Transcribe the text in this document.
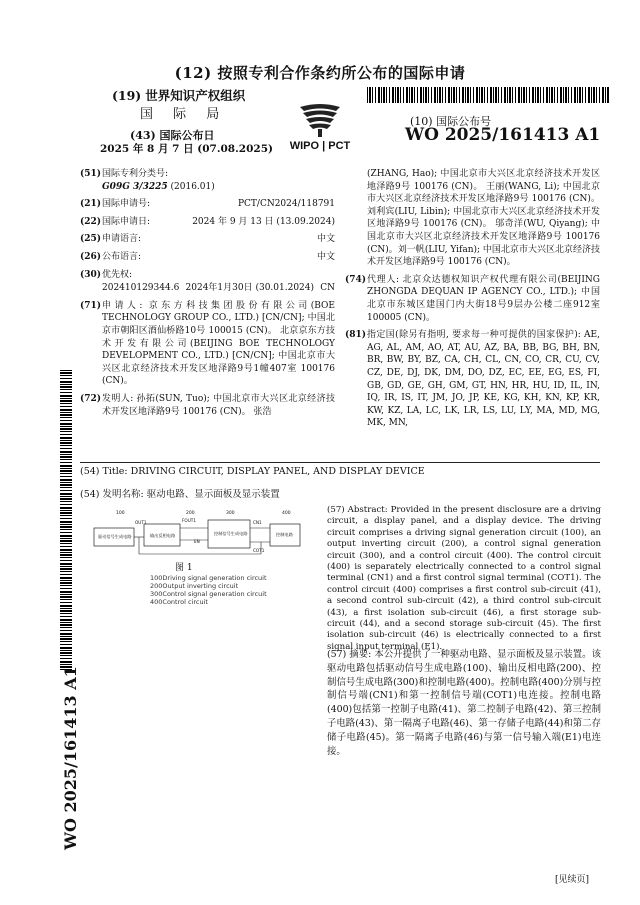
(12) 按照专利合作条约所公布的国际申请
(19) 世界知识产权组织
国 际 局	(10) 国际公布号
WO 2025/161413 A1
(43) 国际公布日
2025 年 8 月 7 日 (07.08.2025) WIPO | PCT
(51) 国际专利分类号:
G09G 3/3225 (2016.01)
(21) 国际申请号:	PCT/CN2024/118791
(22) 国际申请日:	2024 年 9 月 13 日 (13.09.2024)
(25) 申请语言:	中文
(26) 公布语言:	中文
(30) 优先权:
202410129344.6 2024年1月30日 (30.01.2024) CN
(71) 申请人: 京东方科技集团股份有限公司(BOE TECHNOLOGY GROUP CO., LTD.) [CN/CN]; 中国北京市朝阳区酒仙桥路10号 100015 (CN)。 北京京东方技术开发有限公司(BEIJING BOE TECHNOLOGY DEVELOPMENT CO., LTD.) [CN/CN]; 中国北京市大兴区北京经济技术开发区地泽路9号1幢407室 100176 (CN)。
(72) 发明人: 孙拓(SUN, Tuo); 中国北京市大兴区北京经济技术开发区地泽路9号 100176 (CN)。 张浩
(ZHANG, Hao); 中国北京市大兴区北京经济技术开发区地泽路9号 100176 (CN)。 王丽(WANG, Li); 中国北京市大兴区北京经济技术开发区地泽路9号 100176 (CN)。 刘利宾(LIU, Libin); 中国北京市大兴区北京经济技术开发区地泽路9号 100176 (CN)。 邬奇洋(WU, Qiyang); 中国北京市大兴区北京经济技术开发区地泽路9号 100176 (CN)。刘一帆(LIU, Yifan); 中国北京市大兴区北京经济技术开发区地泽路9号 100176 (CN)。
(74) 代理人: 北京众达德权知识产权代理有限公司(BEIJING ZHONGDA DEQUAN IP AGENCY CO., LTD.); 中国北京市东城区建国门内大街18号9层办公楼二座912室 100005 (CN)。
(81) 指定国(除另有指明, 要求每一种可提供的国家保护): AE, AG, AL, AM, AO, AT, AU, AZ, BA, BB, BG, BH, BN, BR, BW, BY, BZ, CA, CH, CL, CN, CO, CR, CU, CV, CZ, DE, DJ, DK, DM, DO, DZ, EC, EE, EG, ES, FI, GB, GD, GE, GH, GM, GT, HN, HR, HU, ID, IL, IN, IQ, IR, IS, IT, JM, JO, JP, KE, KG, KH, KN, KP, KR, KW, KZ, LA, LC, LK, LR, LS, LU, LY, MA, MD, MG, MK, MN,
(54) Title: DRIVING CIRCUIT, DISPLAY PANEL, AND DISPLAY DEVICE
(54) 发明名称: 驱动电路、显示面板及显示装置
100	200	300	400
驱动信号生成电路	输出反相电路	控制信号生成电路	控制电路
OUT1	FOUT1
EN
CN1
COT1
图 1
100Driving signal generation circuit
200Output inverting circuit
300Control signal generation circuit
400Control circuit
(57) Abstract: Provided in the present disclosure are a driving circuit, a display panel, and a display device. The driving circuit comprises a driving signal generation circuit (100), an output inverting circuit (200), a control signal generation circuit (300), and a control circuit (400). The control circuit (400) is separately electrically connected to a control signal terminal (CN1) and a first control signal terminal (COT1). The control circuit (400) comprises a first control sub-circuit (41), a second control sub-circuit (42), a third control sub-circuit (43), a first isolation sub-circuit (46), a first storage sub-circuit (44), and a second storage sub-circuit (45). The first isolation sub-circuit (46) is electrically connected to a first signal input terminal (E1).
(57) 摘要: 本公开提供了一种驱动电路、显示面板及显示装置。该驱动电路包括驱动信号生成电路(100)、输出反相电路(200)、控制信号生成电路(300)和控制电路(400)。控制电路(400)分别与控制信号端(CN1)和第一控制信号端(COT1)电连接。控制电路(400)包括第一控制子电路(41)、第二控制子电路(42)、第三控制子电路(43)、第一隔离子电路(46)、第一存储子电路(44)和第二存储子电路(45)。第一隔离子电路(46)与第一信号输入端(E1)电连接。
WO 2025/161413 A1
[见续页]
